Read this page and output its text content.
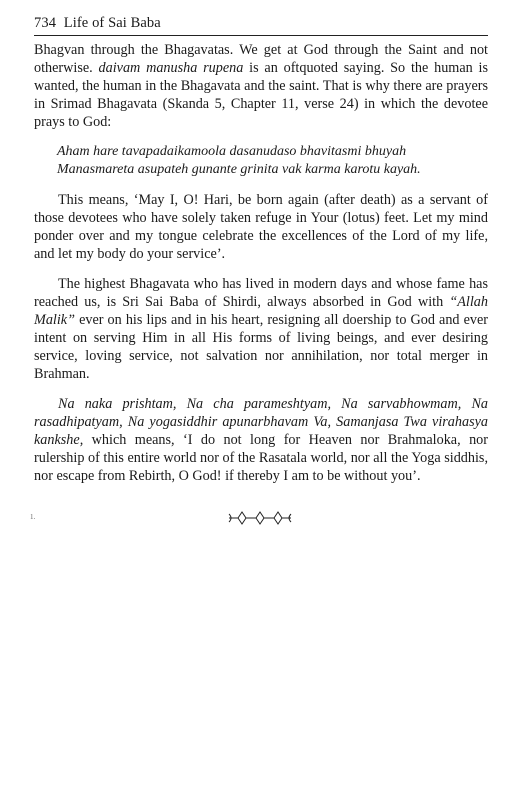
734 Life of Sai Baba

Bhagvan through the Bhagavatas. We get at God through the Saint and not otherwise. daivam manusha rupena is an oftquoted saying. So the human is wanted, the human in the Bhagavata and the saint. That is why there are prayers in Srimad Bhagavata (Skanda 5, Chapter 11, verse 24) in which the devotee prays to God:

Aham hare tavapadaikamoola dasanudaso bhavitasmi bhuyah
Manasmareta asupateh gunante grinita vak karma karotu kayah.

This means, ‘May I, O! Hari, be born again (after death) as a servant of those devotees who have solely taken refuge in Your (lotus) feet. Let my mind ponder over and my tongue celebrate the excellences of the Lord of my life, and let my body do your service’.

The highest Bhagavata who has lived in modern days and whose fame has reached us, is Sri Sai Baba of Shirdi, always absorbed in God with “Allah Malik” ever on his lips and in his heart, resigning all doership to God and ever intent on serving Him in all His forms of living beings, and ever desiring service, loving service, not salvation nor annihilation, nor total merger in Brahman.

Na naka prishtam, Na cha parameshtyam, Na sarvabhowmam, Na rasadhipatyam, Na yogasiddhir apunarbhavam Va, Samanjasa Twa virahasya kankshe, which means, ‘I do not long for Heaven nor Brahmaloka, nor rulership of this entire world nor of the Rasatala world, nor all the Yoga siddhis, nor escape from Rebirth, O God! if thereby I am to be without you’.

1.
